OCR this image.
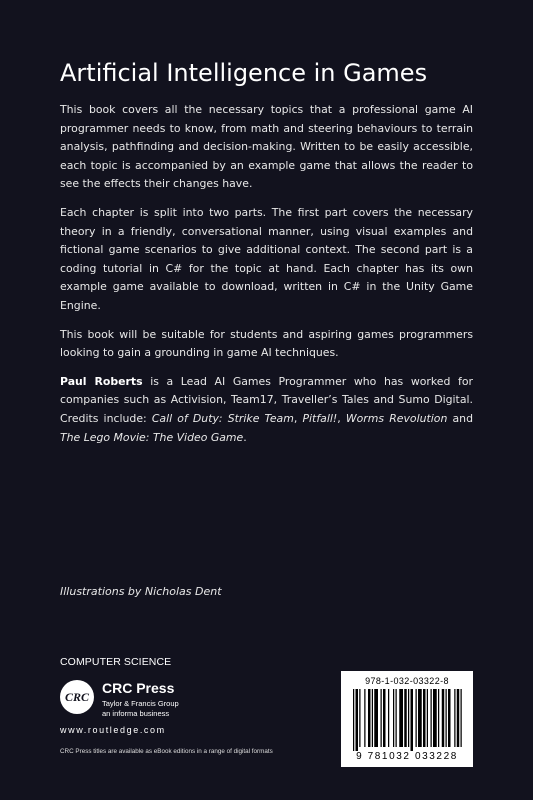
Artificial Intelligence in Games

This book covers all the necessary topics that a professional game AI programmer needs to know, from math and steering behaviours to terrain analysis, pathfinding and decision-making. Written to be easily accessible, each topic is accompanied by an example game that allows the reader to see the effects their changes have.

Each chapter is split into two parts. The first part covers the necessary theory in a friendly, conversational manner, using visual examples and fictional game scenarios to give additional context. The second part is a coding tutorial in C# for the topic at hand. Each chapter has its own example game available to download, written in C# in the Unity Game Engine.

This book will be suitable for students and aspiring games programmers looking to gain a grounding in game AI techniques.

Paul Roberts is a Lead AI Games Programmer who has worked for companies such as Activision, Team17, Traveller’s Tales and Sumo Digital. Credits include: Call of Duty: Strike Team, Pitfall!, Worms Revolution and The Lego Movie: The Video Game.

Illustrations by Nicholas Dent
COMPUTER SCIENCE
CRC
CRC Press
Taylor & Francis Group
an informa business
www.routledge.com
CRC Press titles are available as eBook editions in a range of digital formats
978-1-032-03322-8
9 781032 033228
